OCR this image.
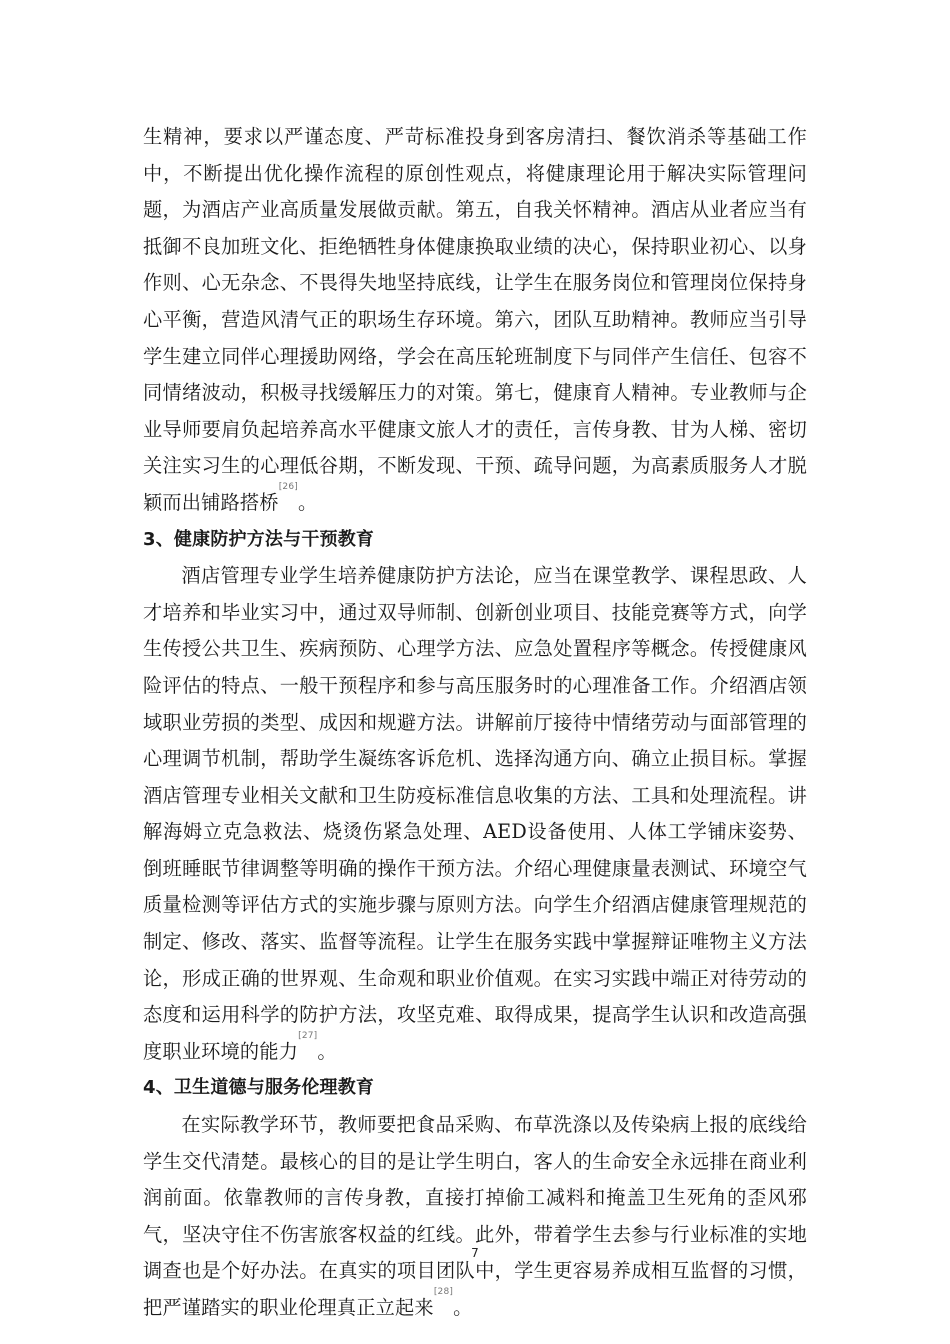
生精神，要求以严谨态度、严苛标准投身到客房清扫、餐饮消杀等基础工作中，不断提出优化操作流程的原创性观点，将健康理论用于解决实际管理问题，为酒店产业高质量发展做贡献。第五，自我关怀精神。酒店从业者应当有抵御不良加班文化、拒绝牺牲身体健康换取业绩的决心，保持职业初心、以身作则、心无杂念、不畏得失地坚持底线，让学生在服务岗位和管理岗位保持身心平衡，营造风清气正的职场生存环境。第六，团队互助精神。教师应当引导学生建立同伴心理援助网络，学会在高压轮班制度下与同伴产生信任、包容不同情绪波动，积极寻找缓解压力的对策。第七，健康育人精神。专业教师与企业导师要肩负起培养高水平健康文旅人才的责任，言传身教、甘为人梯、密切关注实习生的心理低谷期，不断发现、干预、疏导问题，为高素质服务人才脱颖而出铺路搭桥[26]。

3、健康防护方法与干预教育

酒店管理专业学生培养健康防护方法论，应当在课堂教学、课程思政、人才培养和毕业实习中，通过双导师制、创新创业项目、技能竞赛等方式，向学生传授公共卫生、疾病预防、心理学方法、应急处置程序等概念。传授健康风险评估的特点、一般干预程序和参与高压服务时的心理准备工作。介绍酒店领域职业劳损的类型、成因和规避方法。讲解前厅接待中情绪劳动与面部管理的心理调节机制，帮助学生凝练客诉危机、选择沟通方向、确立止损目标。掌握酒店管理专业相关文献和卫生防疫标准信息收集的方法、工具和处理流程。讲解海姆立克急救法、烧烫伤紧急处理、AED设备使用、人体工学铺床姿势、倒班睡眠节律调整等明确的操作干预方法。介绍心理健康量表测试、环境空气质量检测等评估方式的实施步骤与原则方法。向学生介绍酒店健康管理规范的制定、修改、落实、监督等流程。让学生在服务实践中掌握辩证唯物主义方法论，形成正确的世界观、生命观和职业价值观。在实习实践中端正对待劳动的态度和运用科学的防护方法，攻坚克难、取得成果，提高学生认识和改造高强度职业环境的能力[27]。

4、卫生道德与服务伦理教育

在实际教学环节，教师要把食品采购、布草洗涤以及传染病上报的底线给学生交代清楚。最核心的目的是让学生明白，客人的生命安全永远排在商业利润前面。依靠教师的言传身教，直接打掉偷工减料和掩盖卫生死角的歪风邪气，坚决守住不伤害旅客权益的红线。此外，带着学生去参与行业标准的实地调查也是个好办法。在真实的项目团队中，学生更容易养成相互监督的习惯，把严谨踏实的职业伦理真正立起来[28]。

7
